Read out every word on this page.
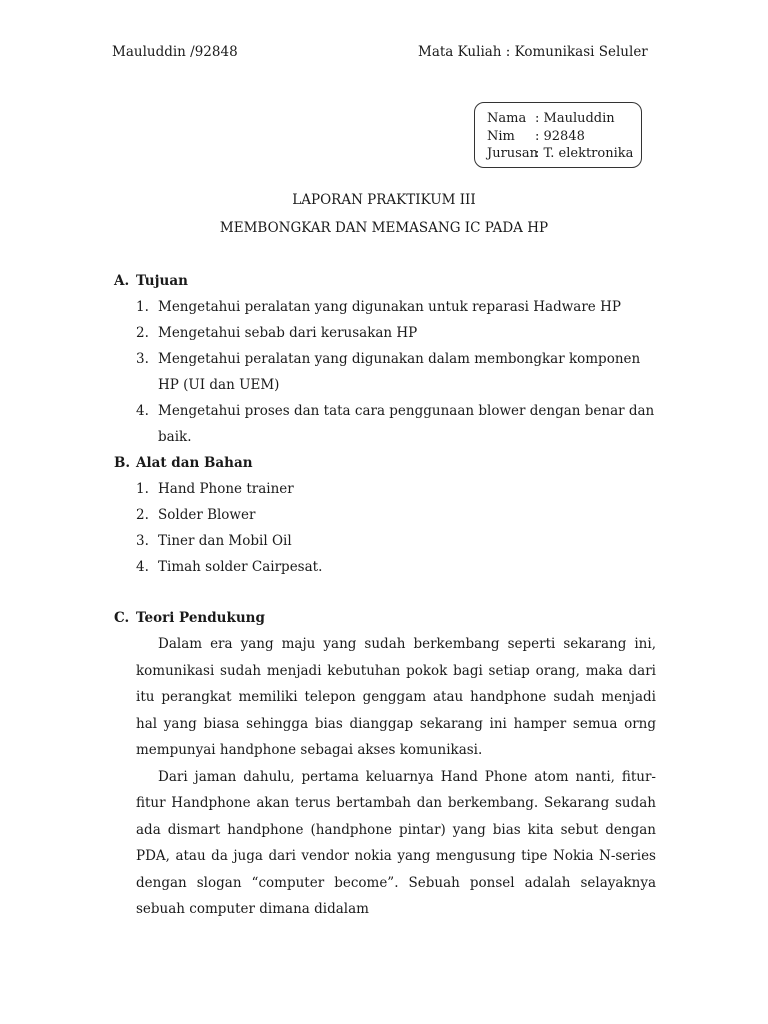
Mauluddin /92848	Mata Kuliah : Komunikasi Seluler
Nama : Mauluddin
Nim	: 92848
Jurusan
: T. elektronika
LAPORAN PRAKTIKUM III
MEMBONGKAR DAN MEMASANG IC PADA HP
A. Tujuan
1. Mengetahui peralatan yang digunakan untuk reparasi Hadware HP
2. Mengetahui sebab dari kerusakan HP
3. Mengetahui peralatan yang digunakan dalam membongkar komponen HP (UI dan UEM)
4. Mengetahui proses dan tata cara penggunaan blower dengan benar dan baik.
B. Alat dan Bahan
1. Hand Phone trainer
2. Solder Blower
3. Tiner dan Mobil Oil
4. Timah solder Cairpesat.
C. Teori Pendukung

Dalam era yang maju yang sudah berkembang seperti sekarang ini, komunikasi sudah menjadi kebutuhan pokok bagi setiap orang, maka dari itu perangkat memiliki telepon genggam atau handphone sudah menjadi hal yang biasa sehingga bias dianggap sekarang ini hamper semua orng mempunyai handphone sebagai akses komunikasi.

Dari jaman dahulu, pertama keluarnya Hand Phone atom nanti, fitur-fitur Handphone akan terus bertambah dan berkembang. Sekarang sudah ada dismart handphone (handphone pintar) yang bias kita sebut dengan PDA, atau da juga dari vendor nokia yang mengusung tipe Nokia N-series dengan slogan “computer become”. Sebuah ponsel adalah selayaknya sebuah computer dimana didalam
